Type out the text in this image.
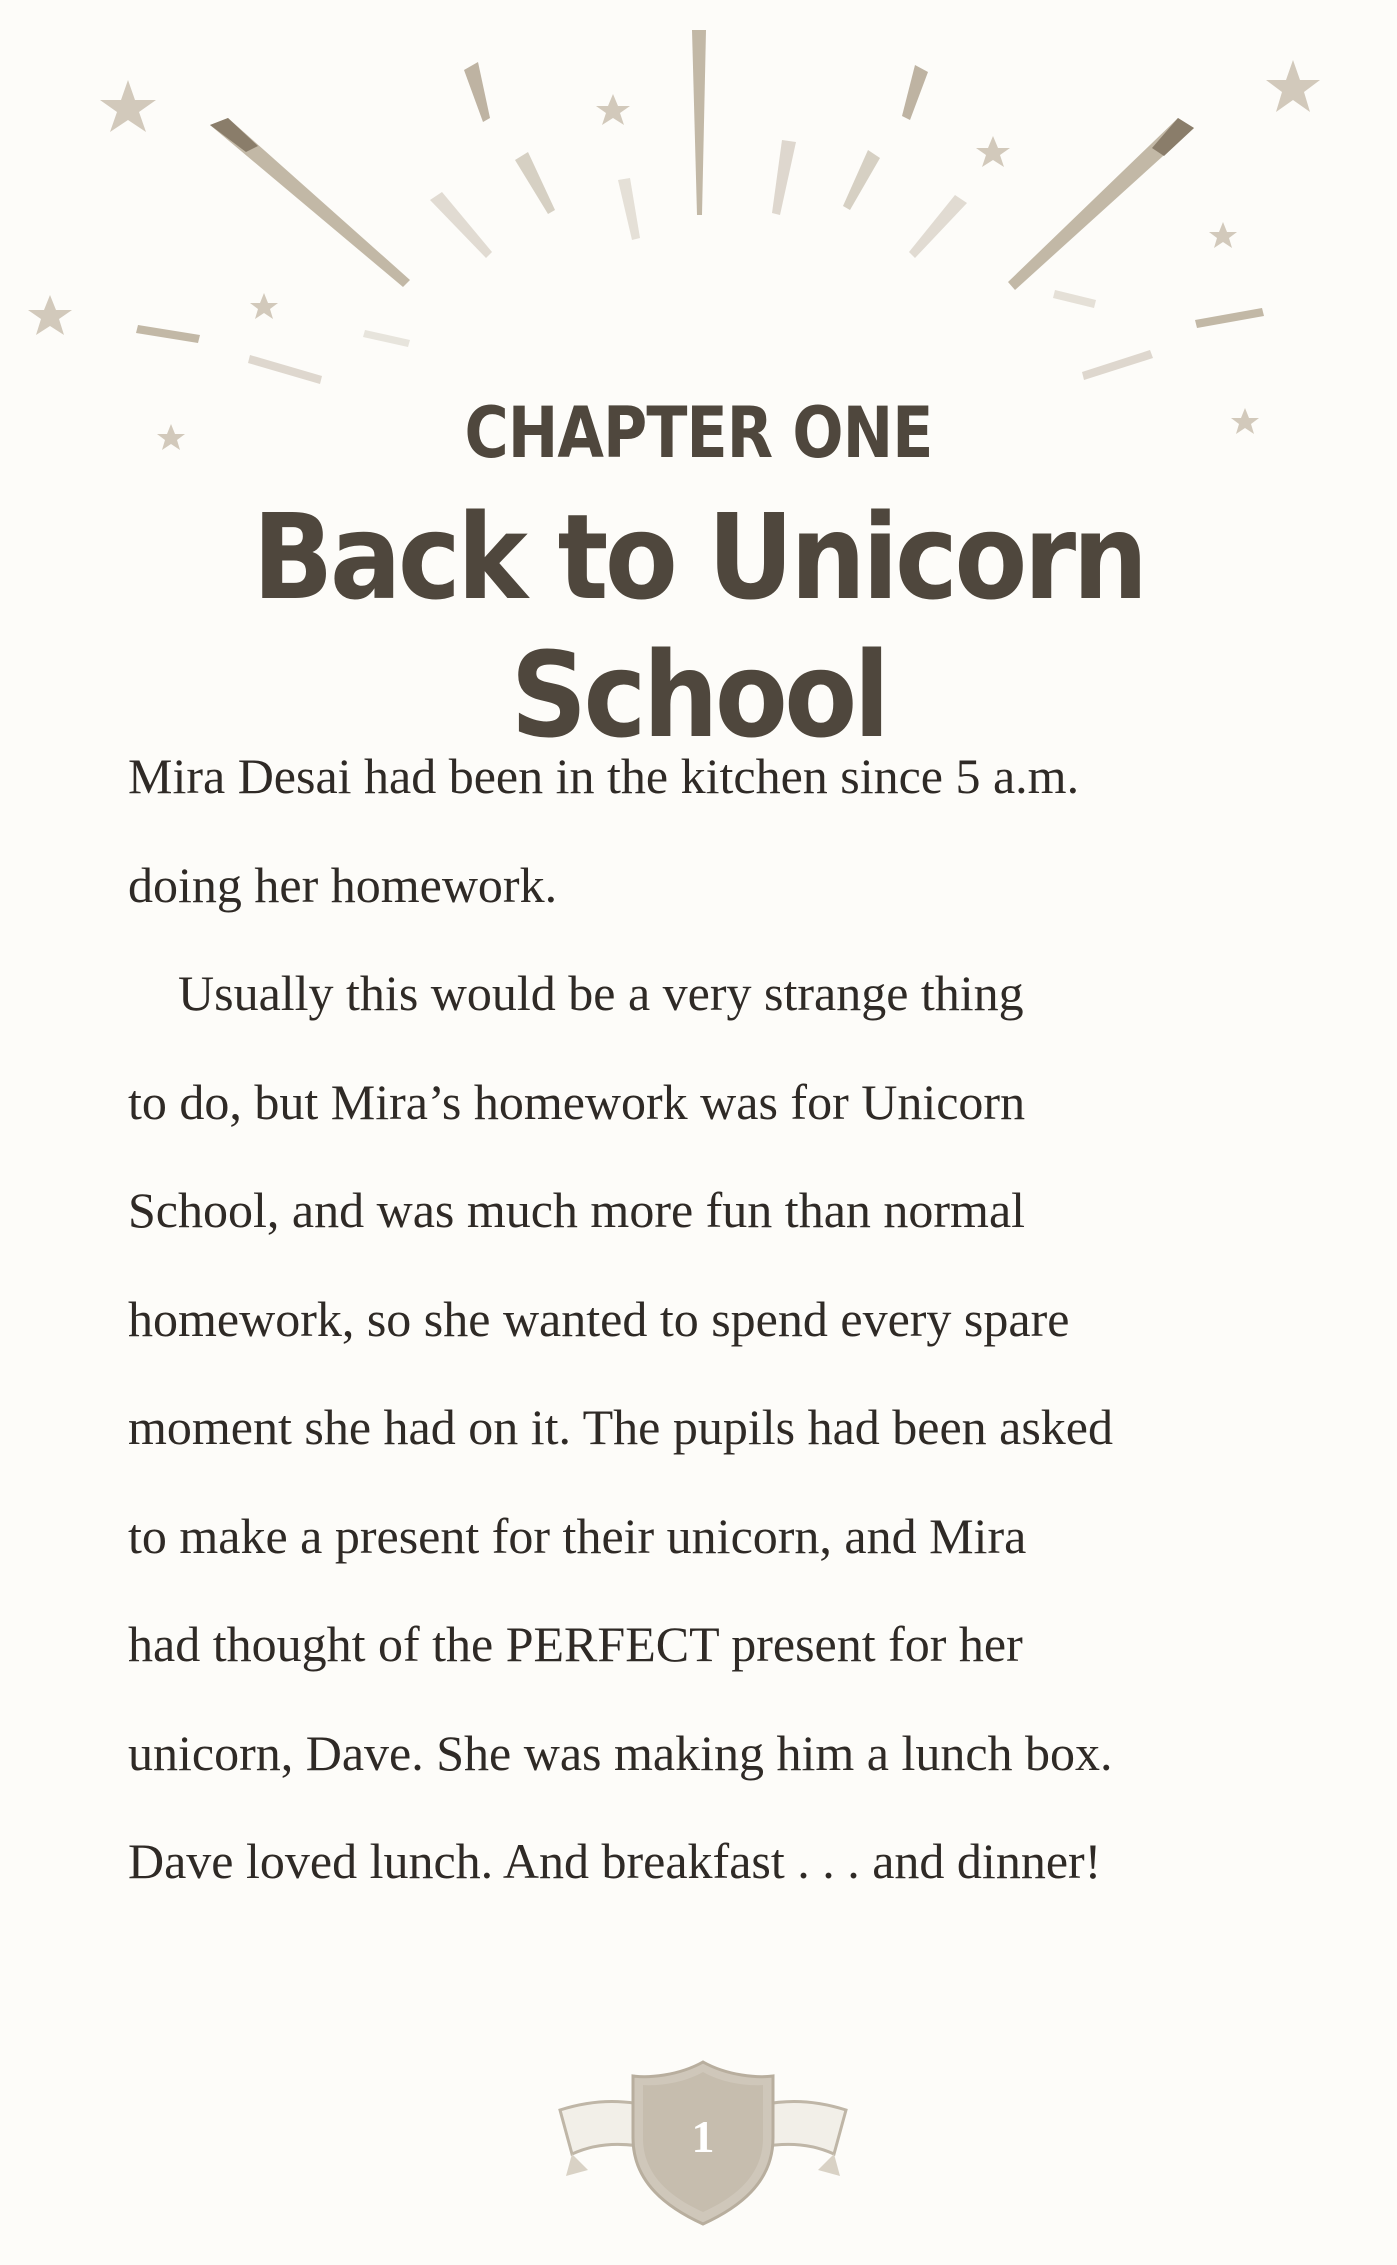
CHAPTER ONE
Back to Unicorn School
Mira Desai had been in the kitchen since 5 a.m.
doing her homework.
Usually this would be a very strange thing
to do, but Mira’s homework was for Unicorn
School, and was much more fun than normal
homework, so she wanted to spend every spare
moment she had on it. The pupils had been asked
to make a present for their unicorn, and Mira
had thought of the PERFECT present for her
unicorn, Dave. She was making him a lunch box.
Dave loved lunch. And breakfast . . . and dinner!
1
